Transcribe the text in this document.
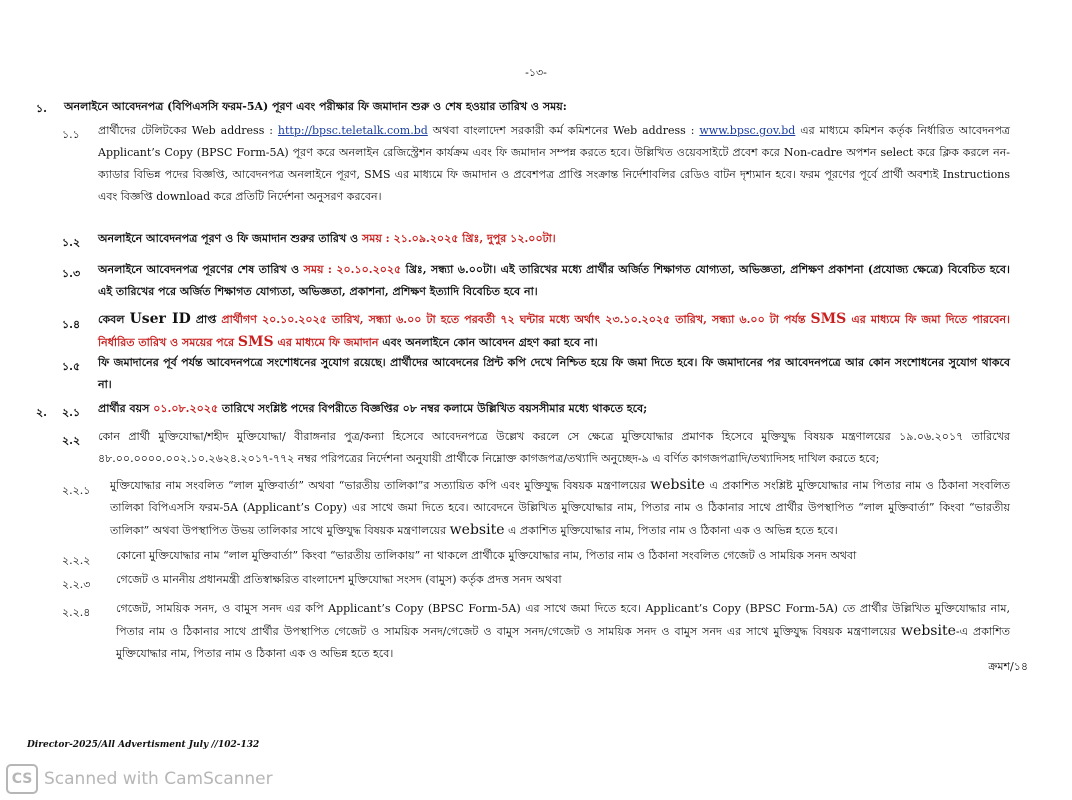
-১৩-
১. অনলাইনে আবেদনপত্র (বিপিএসসি ফরম-5A) পূরণ এবং পরীক্ষার ফি জমাদান শুরু ও শেষ হওয়ার তারিখ ও সময়:
১.১ প্রার্থীদের টেলিটকের Web address : http://bpsc.teletalk.com.bd অথবা বাংলাদেশ সরকারী কর্ম কমিশনের Web address : www.bpsc.gov.bd এর মাধ্যমে কমিশন কর্তৃক নির্ধারিত আবেদনপত্র Applicant’s Copy (BPSC Form-5A) পূরণ করে অনলাইন রেজিস্ট্রেশন কার্যক্রম এবং ফি জমাদান সম্পন্ন করতে হবে। উল্লিখিত ওয়েবসাইটে প্রবেশ করে Non-cadre অপশন select করে ক্লিক করলে নন-ক্যাডার বিভিন্ন পদের বিজ্ঞপ্তি, আবেদনপত্র অনলাইনে পূরণ, SMS এর মাধ্যমে ফি জমাদান ও প্রবেশপত্র প্রাপ্তি সংক্রান্ত নির্দেশাবলির রেডিও বাটন দৃশ্যমান হবে। ফরম পূরণের পূর্বে প্রার্থী অবশ্যই Instructions এবং বিজ্ঞপ্তি download করে প্রতিটি নির্দেশনা অনুসরণ করবেন।
১.২ অনলাইনে আবেদনপত্র পূরণ ও ফি জমাদান শুরুর তারিখ ও সময় : ২১.০৯.২০২৫ খ্রিঃ, দুপুর ১২.০০টা।
১.৩ অনলাইনে আবেদনপত্র পূরণের শেষ তারিখ ও সময় : ২০.১০.২০২৫ খ্রিঃ, সন্ধ্যা ৬.০০টা। এই তারিখের মধ্যে প্রার্থীর অর্জিত শিক্ষাগত যোগ্যতা, অভিজ্ঞতা, প্রশিক্ষণ প্রকাশনা (প্রযোজ্য ক্ষেত্রে) বিবেচিত হবে। এই তারিখের পরে অর্জিত শিক্ষাগত যোগ্যতা, অভিজ্ঞতা, প্রকাশনা, প্রশিক্ষণ ইত্যাদি বিবেচিত হবে না।
১.৪ কেবল User ID প্রাপ্ত প্রার্থীগণ ২০.১০.২০২৫ তারিখ, সন্ধ্যা ৬.০০ টা হতে পরবর্তী ৭২ ঘন্টার মধ্যে অর্থাৎ ২৩.১০.২০২৫ তারিখ, সন্ধ্যা ৬.০০ টা পর্যন্ত SMS এর মাধ্যমে ফি জমা দিতে পারবেন। নির্ধারিত তারিখ ও সময়ের পরে SMS এর মাধ্যমে ফি জমাদান এবং অনলাইনে কোন আবেদন গ্রহণ করা হবে না।
১.৫ ফি জমাদানের পূর্ব পর্যন্ত আবেদনপত্রে সংশোধনের সুযোগ রয়েছে। প্রার্থীদের আবেদনের প্রিন্ট কপি দেখে নিশ্চিত হয়ে ফি জমা দিতে হবে। ফি জমাদানের পর আবেদনপত্রে আর কোন সংশোধনের সুযোগ থাকবে না।
২. ২.১ প্রার্থীর বয়স ০১.০৮.২০২৫ তারিখে সংশ্লিষ্ট পদের বিপরীতে বিজ্ঞপ্তির ০৮ নম্বর কলামে উল্লিখিত বয়সসীমার মধ্যে থাকতে হবে;
২.২ কোন প্রার্থী মুক্তিযোদ্ধা/শহীদ মুক্তিযোদ্ধা/ বীরাঙ্গনার পুত্র/কন্যা হিসেবে আবেদনপত্রে উল্লেখ করলে সে ক্ষেত্রে মুক্তিযোদ্ধার প্রমাণক হিসেবে মুক্তিযুদ্ধ বিষয়ক মন্ত্রণালয়ের ১৯.০৬.২০১৭ তারিখের ৪৮.০০.০০০০.০০২.১০.২৬২৪.২০১৭-৭৭২ নম্বর পরিপত্রের নির্দেশনা অনুযায়ী প্রার্থীকে নিম্নোক্ত কাগজপত্র/তথ্যাদি অনুচ্ছেদ-৯ এ বর্ণিত কাগজপত্রাদি/তথ্যাদিসহ দাখিল করতে হবে;
২.২.১ মুক্তিযোদ্ধার নাম সংবলিত “লাল মুক্তিবার্তা” অথবা “ভারতীয় তালিকা”র সত্যায়িত কপি এবং মুক্তিযুদ্ধ বিষয়ক মন্ত্রণালয়ের website এ প্রকাশিত সংশ্লিষ্ট মুক্তিযোদ্ধার নাম পিতার নাম ও ঠিকানা সংবলিত তালিকা বিপিএসসি ফরম-5A (Applicant’s Copy) এর সাথে জমা দিতে হবে। আবেদনে উল্লিখিত মুক্তিযোদ্ধার নাম, পিতার নাম ও ঠিকানার সাথে প্রার্থীর উপস্থাপিত “লাল মুক্তিবার্তা” কিংবা “ভারতীয় তালিকা” অথবা উপস্থাপিত উভয় তালিকার সাথে মুক্তিযুদ্ধ বিষয়ক মন্ত্রণালয়ের website এ প্রকাশিত মুক্তিযোদ্ধার নাম, পিতার নাম ও ঠিকানা এক ও অভিন্ন হতে হবে।
২.২.২ কোনো মুক্তিযোদ্ধার নাম “লাল মুক্তিবার্তা” কিংবা “ভারতীয় তালিকায়” না থাকলে প্রার্থীকে মুক্তিযোদ্ধার নাম, পিতার নাম ও ঠিকানা সংবলিত গেজেট ও সাময়িক সনদ অথবা
২.২.৩ গেজেট ও মাননীয় প্রধানমন্ত্রী প্রতিস্বাক্ষরিত বাংলাদেশ মুক্তিযোদ্ধা সংসদ (বামুস) কর্তৃক প্রদত্ত সনদ অথবা
২.২.৪ গেজেট, সাময়িক সনদ, ও বামুস সনদ এর কপি Applicant’s Copy (BPSC Form-5A) এর সাথে জমা দিতে হবে। Applicant’s Copy (BPSC Form-5A) তে প্রার্থীর উল্লিখিত মুক্তিযোদ্ধার নাম, পিতার নাম ও ঠিকানার সাথে প্রার্থীর উপস্থাপিত গেজেট ও সাময়িক সনদ/গেজেট ও বামুস সনদ/গেজেট ও সাময়িক সনদ ও বামুস সনদ এর সাথে মুক্তিযুদ্ধ বিষয়ক মন্ত্রণালয়ের website-এ প্রকাশিত মুক্তিযোদ্ধার নাম, পিতার নাম ও ঠিকানা এক ও অভিন্ন হতে হবে।
ক্রমশ/১৪
Director-2025/All Advertisment July //102-132
CS Scanned with CamScanner
